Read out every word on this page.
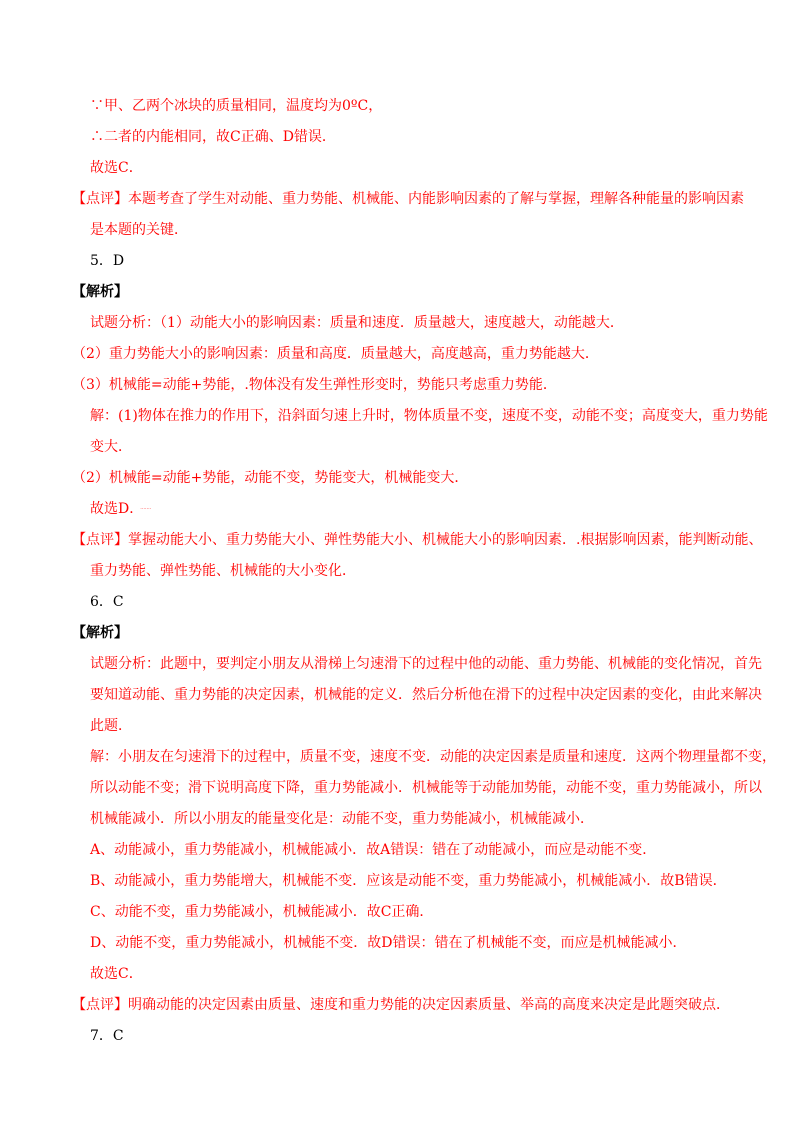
∵甲、乙两个冰块的质量相同，温度均为0ºC，
∴二者的内能相同，故C正确、D错误．
故选C．
【点评】本题考查了学生对动能、重力势能、机械能、内能影响因素的了解与掌握，理解各种能量的影响因素
是本题的关键．
5．D
【解析】
试题分析：（1）动能大小的影响因素：质量和速度．质量越大，速度越大，动能越大．
（2）重力势能大小的影响因素：质量和高度．质量越大，高度越高，重力势能越大．
（3）机械能=动能+势能，.物体没有发生弹性形变时，势能只考虑重力势能．
解：(1)物体在推力的作用下，沿斜面匀速上升时，物体质量不变，速度不变，动能不变；高度变大，重力势能
变大．
（2）机械能=动能+势能，动能不变，势能变大，机械能变大．
故选D． ·······
【点评】掌握动能大小、重力势能大小、弹性势能大小、机械能大小的影响因素．.根据影响因素，能判断动能、
重力势能、弹性势能、机械能的大小变化．
6．C
【解析】
试题分析：此题中，要判定小朋友从滑梯上匀速滑下的过程中他的动能、重力势能、机械能的变化情况，首先
要知道动能、重力势能的决定因素，机械能的定义．然后分析他在滑下的过程中决定因素的变化，由此来解决
此题．
解：小朋友在匀速滑下的过程中，质量不变，速度不变．动能的决定因素是质量和速度．这两个物理量都不变，
所以动能不变；滑下说明高度下降，重力势能减小．机械能等于动能加势能，动能不变，重力势能减小，所以
机械能减小．所以小朋友的能量变化是：动能不变，重力势能减小，机械能减小．
A、动能减小，重力势能减小，机械能减小．故A错误：错在了动能减小，而应是动能不变．
B、动能减小，重力势能增大，机械能不变．应该是动能不变，重力势能减小，机械能减小．故B错误．
C、动能不变，重力势能减小，机械能减小．故C正确．
D、动能不变，重力势能减小，机械能不变．故D错误：错在了机械能不变，而应是机械能减小．
故选C．
【点评】明确动能的决定因素由质量、速度和重力势能的决定因素质量、举高的高度来决定是此题突破点．
7．C
